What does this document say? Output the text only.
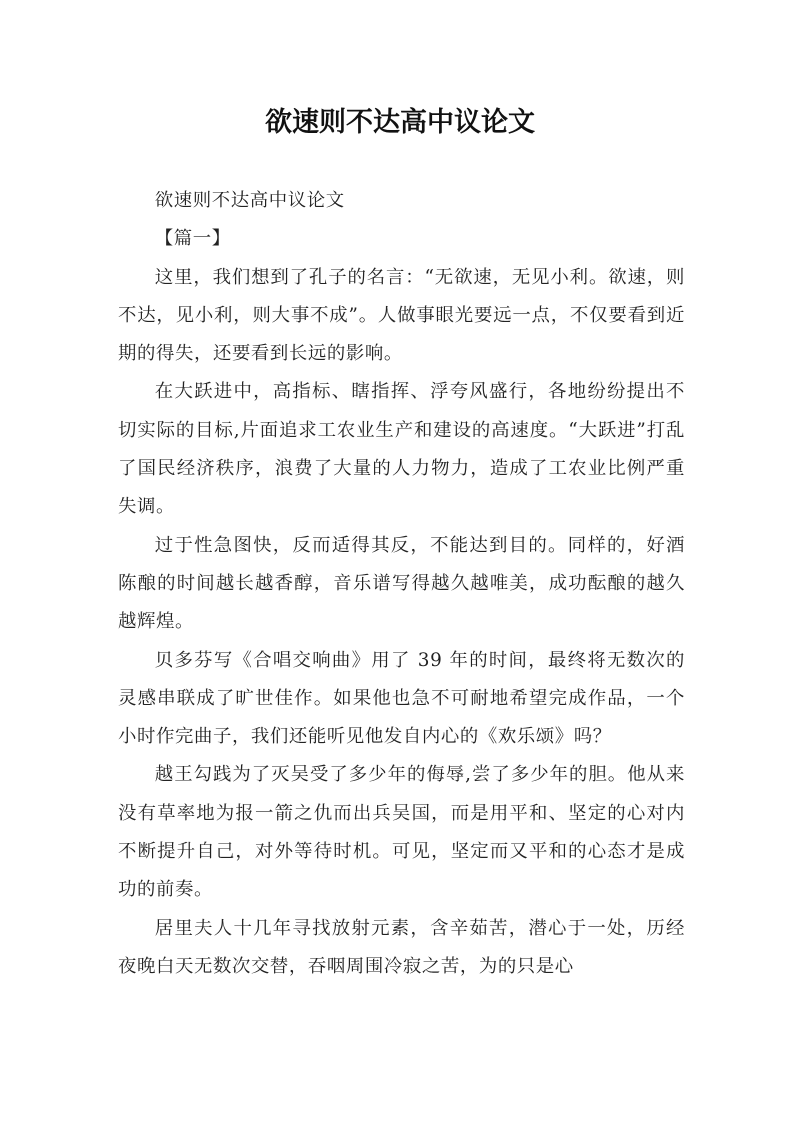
欲速则不达高中议论文

欲速则不达高中议论文

【篇一】

这里，我们想到了孔子的名言：“无欲速，无见小利。欲速，则不达，见小利，则大事不成”。人做事眼光要远一点，不仅要看到近期的得失，还要看到长远的影响。

在大跃进中，高指标、瞎指挥、浮夸风盛行，各地纷纷提出不切实际的目标,片面追求工农业生产和建设的高速度。“大跃进”打乱了国民经济秩序，浪费了大量的人力物力，造成了工农业比例严重失调。

过于性急图快，反而适得其反，不能达到目的。同样的，好酒陈酿的时间越长越香醇，音乐谱写得越久越唯美，成功酝酿的越久越辉煌。

贝多芬写《合唱交响曲》用了 39 年的时间，最终将无数次的灵感串联成了旷世佳作。如果他也急不可耐地希望完成作品，一个小时作完曲子，我们还能听见他发自内心的《欢乐颂》吗？

越王勾践为了灭吴受了多少年的侮辱,尝了多少年的胆。他从来没有草率地为报一箭之仇而出兵吴国，而是用平和、坚定的心对内不断提升自己，对外等待时机。可见，坚定而又平和的心态才是成功的前奏。

居里夫人十几年寻找放射元素，含辛茹苦，潜心于一处，历经夜晚白天无数次交替，吞咽周围冷寂之苦，为的只是心
